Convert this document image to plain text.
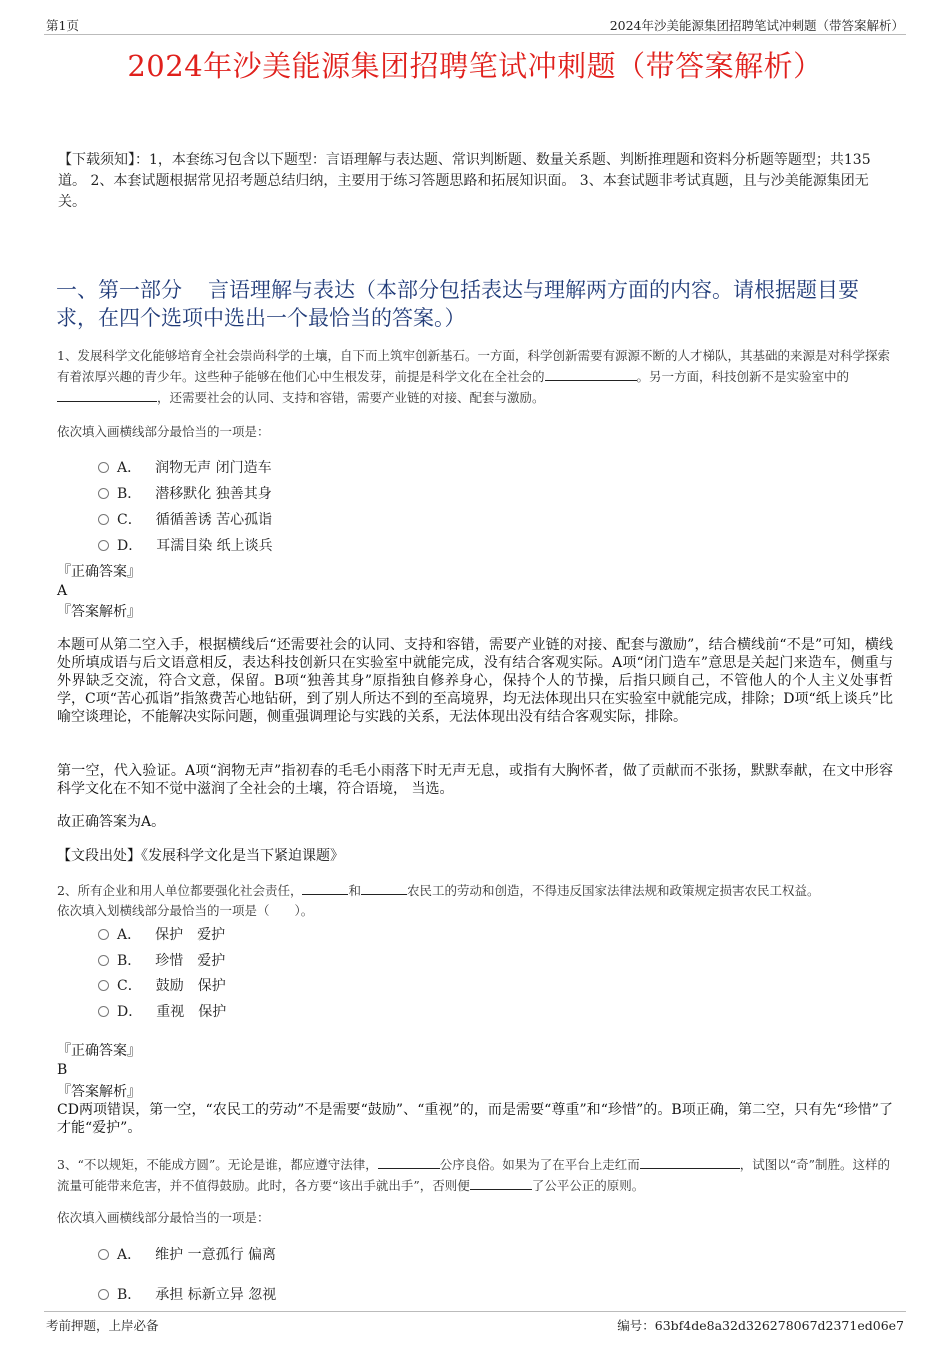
第1页	2024年沙美能源集团招聘笔试冲刺题（带答案解析）
2024年沙美能源集团招聘笔试冲刺题（带答案解析）
【下载须知】：1，本套练习包含以下题型：言语理解与表达题、常识判断题、数量关系题、判断推理题和资料分析题等题型；共135道。 2、本套试题根据常见招考题总结归纳，主要用于练习答题思路和拓展知识面。 3、本套试题非考试真题，且与沙美能源集团无关。
一、第一部分 言语理解与表达（本部分包括表达与理解两方面的内容。请根据题目要求，在四个选项中选出一个最恰当的答案。）
1、发展科学文化能够培育全社会崇尚科学的土壤，自下而上筑牢创新基石。一方面，科学创新需要有源源不断的人才梯队，其基础的来源是对科学探索有着浓厚兴趣的青少年。这些种子能够在他们心中生根发芽，前提是科学文化在全社会的	。另一方面，科技创新不是实验室中的，还需要社会的认同、支持和容错，需要产业链的对接、配套与激励。
依次填入画横线部分最恰当的一项是：
A． 润物无声 闭门造车
B． 潜移默化 独善其身
C． 循循善诱 苦心孤诣
D． 耳濡目染 纸上谈兵
『正确答案』
A
『答案解析』
本题可从第二空入手，根据横线后“还需要社会的认同、支持和容错，需要产业链的对接、配套与激励”，结合横线前“不是”可知，横线处所填成语与后文语意相反，表达科技创新只在实验室中就能完成，没有结合客观实际。A项“闭门造车”意思是关起门来造车，侧重与外界缺乏交流，符合文意，保留。B项“独善其身”原指独自修养身心，保持个人的节操，后指只顾自己，不管他人的个人主义处事哲学，C项“苦心孤诣”指煞费苦心地钻研，到了别人所达不到的至高境界，均无法体现出只在实验室中就能完成，排除；D项“纸上谈兵”比喻空谈理论，不能解决实际问题，侧重强调理论与实践的关系，无法体现出没有结合客观实际，排除。
第一空，代入验证。A项“润物无声”指初春的毛毛小雨落下时无声无息，或指有大胸怀者，做了贡献而不张扬，默默奉献，在文中形容科学文化在不知不觉中滋润了全社会的土壤，符合语境， 当选。
故正确答案为A。
【文段出处】《发展科学文化是当下紧迫课题》
2、所有企业和用人单位都要强化社会责任，	和	农民工的劳动和创造，不得违反国家法律法规和政策规定损害农民工权益。
依次填入划横线部分最恰当的一项是（　　）。
A． 保护　爱护
B． 珍惜　爱护
C． 鼓励　保护
D． 重视　保护
『正确答案』
B
『答案解析』
CD两项错误，第一空，“农民工的劳动”不是需要“鼓励”、“重视”的，而是需要“尊重”和“珍惜”的。B项正确，第二空，只有先“珍惜”了才能“爱护”。
3、“不以规矩，不能成方圆”。无论是谁，都应遵守法律，	公序良俗。如果为了在平台上走红而	，试图以“奇”制胜。这样的流量可能带来危害，并不值得鼓励。此时，各方要“该出手就出手”，否则便	了公平公正的原则。
依次填入画横线部分最恰当的一项是：
A． 维护 一意孤行 偏离
B． 承担 标新立异 忽视
考前押题，上岸必备	编号：63bf4de8a32d326278067d2371ed06e7
